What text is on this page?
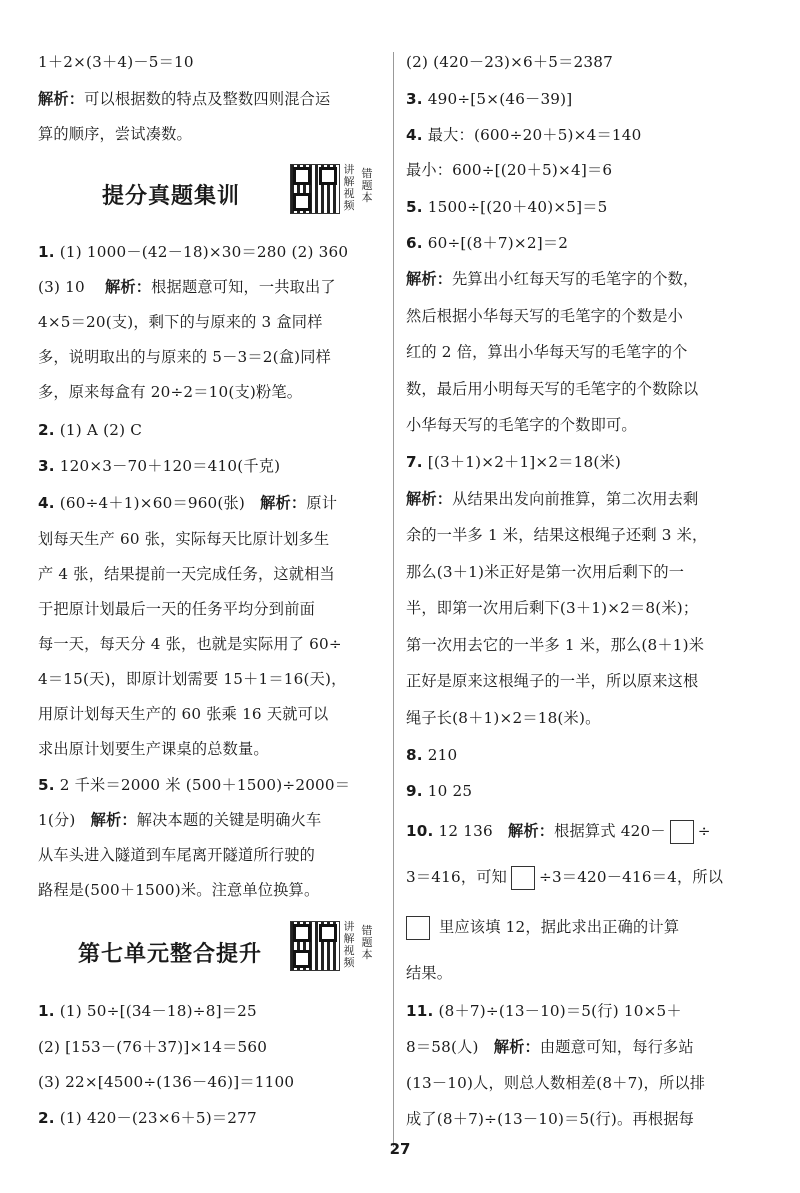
1＋2×(3＋4)－5＝10
解析：可以根据数的特点及整数四则混合运
算的顺序，尝试凑数。
提分真题集训
讲解视频
错题本
1. (1) 1000－(42－18)×30＝280 (2) 360
(3) 10 解析：根据题意可知，一共取出了
4×5＝20(支)，剩下的与原来的 3 盒同样
多，说明取出的与原来的 5－3＝2(盒)同样
多，原来每盒有 20÷2＝10(支)粉笔。
2. (1) A (2) C
3. 120×3－70＋120＝410(千克)
4. (60÷4＋1)×60＝960(张) 解析：原计
划每天生产 60 张，实际每天比原计划多生
产 4 张，结果提前一天完成任务，这就相当
于把原计划最后一天的任务平均分到前面
每一天，每天分 4 张，也就是实际用了 60÷
4＝15(天)，即原计划需要 15＋1＝16(天)，
用原计划每天生产的 60 张乘 16 天就可以
求出原计划要生产课桌的总数量。
5. 2 千米＝2000 米 (500＋1500)÷2000＝
1(分) 解析：解决本题的关键是明确火车
从车头进入隧道到车尾离开隧道所行驶的
路程是(500＋1500)米。注意单位换算。
第七单元整合提升
讲解视频
错题本
1. (1) 50÷[(34－18)÷8]＝25
(2) [153－(76＋37)]×14＝560
(3) 22×[4500÷(136－46)]＝1100
2. (1) 420－(23×6＋5)＝277
(2) (420－23)×6＋5＝2387
3. 490÷[5×(46－39)]
4. 最大：(600÷20＋5)×4＝140
最小：600÷[(20＋5)×4]＝6
5. 1500÷[(20＋40)×5]＝5
6. 60÷[(8＋7)×2]＝2
解析：先算出小红每天写的毛笔字的个数，
然后根据小华每天写的毛笔字的个数是小
红的 2 倍，算出小华每天写的毛笔字的个
数，最后用小明每天写的毛笔字的个数除以
小华每天写的毛笔字的个数即可。
7. [(3＋1)×2＋1]×2＝18(米)
解析：从结果出发向前推算，第二次用去剩
余的一半多 1 米，结果这根绳子还剩 3 米，
那么(3＋1)米正好是第一次用后剩下的一
半，即第一次用后剩下(3＋1)×2＝8(米)；
第一次用去它的一半多 1 米，那么(8＋1)米
正好是原来这根绳子的一半，所以原来这根
绳子长(8＋1)×2＝18(米)。
8. 210
9. 10 25
10. 12 136 解析：根据算式 420－ ÷
3＝416，可知 ÷3＝420－416＝4，所以
里应该填 12，据此求出正确的计算
结果。
11. (8＋7)÷(13－10)＝5(行) 10×5＋
8＝58(人) 解析：由题意可知，每行多站
(13－10)人，则总人数相差(8＋7)，所以排
成了(8＋7)÷(13－10)＝5(行)。再根据每
27
